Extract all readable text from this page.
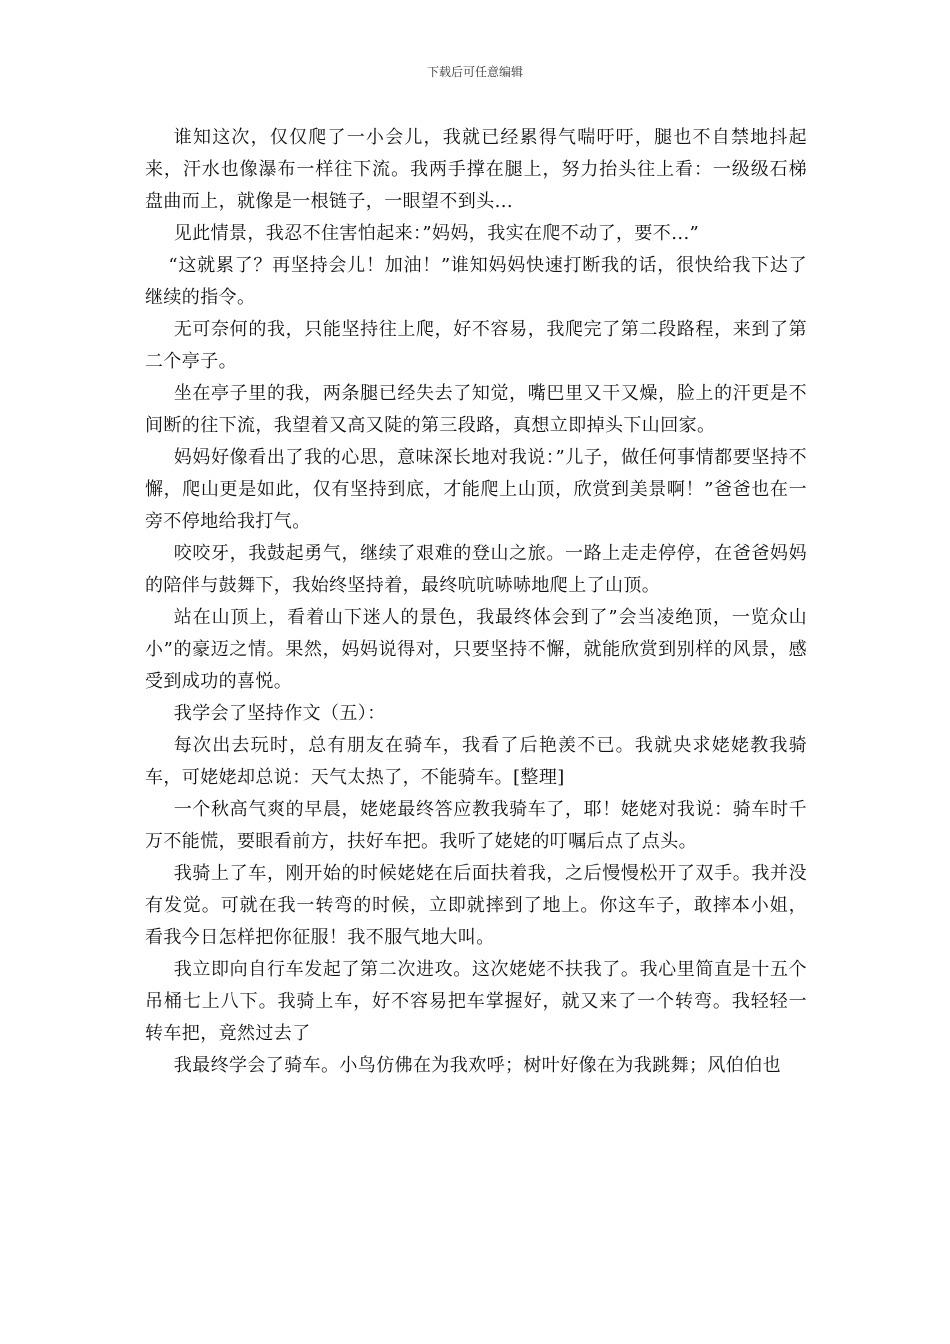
下载后可任意编辑

谁知这次，仅仅爬了一小会儿，我就已经累得气喘吁吁，腿也不自禁地抖起来，汗水也像瀑布一样往下流。我两手撑在腿上，努力抬头往上看：一级级石梯盘曲而上，就像是一根链子，一眼望不到头...

见此情景，我忍不住害怕起来：”妈妈，我实在爬不动了，要不...”

“这就累了？再坚持会儿！加油！”谁知妈妈快速打断我的话，很快给我下达了继续的指令。

无可奈何的我，只能坚持往上爬，好不容易，我爬完了第二段路程，来到了第二个亭子。

坐在亭子里的我，两条腿已经失去了知觉，嘴巴里又干又燥，脸上的汗更是不间断的往下流，我望着又高又陡的第三段路，真想立即掉头下山回家。

妈妈好像看出了我的心思，意味深长地对我说：”儿子，做任何事情都要坚持不懈，爬山更是如此，仅有坚持到底，才能爬上山顶，欣赏到美景啊！”爸爸也在一旁不停地给我打气。

咬咬牙，我鼓起勇气，继续了艰难的登山之旅。一路上走走停停，在爸爸妈妈的陪伴与鼓舞下，我始终坚持着，最终吭吭哧哧地爬上了山顶。

站在山顶上，看着山下迷人的景色，我最终体会到了”会当凌绝顶，一览众山小”的豪迈之情。果然，妈妈说得对，只要坚持不懈，就能欣赏到别样的风景，感受到成功的喜悦。

我学会了坚持作文（五）：

每次出去玩时，总有朋友在骑车，我看了后艳羡不已。我就央求姥姥教我骑车，可姥姥却总说：天气太热了，不能骑车。[整理]

一个秋高气爽的早晨，姥姥最终答应教我骑车了，耶！姥姥对我说：骑车时千万不能慌，要眼看前方，扶好车把。我听了姥姥的叮嘱后点了点头。

我骑上了车，刚开始的时候姥姥在后面扶着我，之后慢慢松开了双手。我并没有发觉。可就在我一转弯的时候，立即就摔到了地上。你这车子，敢摔本小姐，看我今日怎样把你征服！我不服气地大叫。

我立即向自行车发起了第二次进攻。这次姥姥不扶我了。我心里简直是十五个吊桶七上八下。我骑上车，好不容易把车掌握好，就又来了一个转弯。我轻轻一转车把，竟然过去了

我最终学会了骑车。小鸟仿佛在为我欢呼；树叶好像在为我跳舞；风伯伯也
